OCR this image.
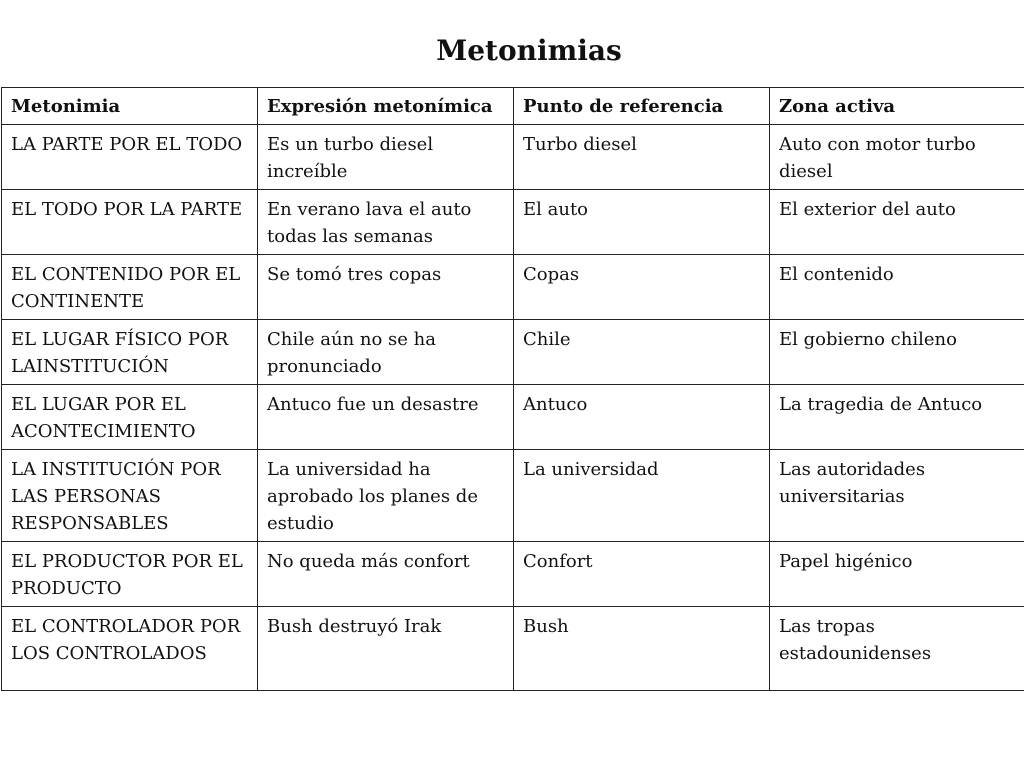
Metonimias
Metonimia	Expresión metonímica	Punto de referencia	Zona activa
LA PARTE POR EL TODO	Es un turbo diesel increíble	Turbo diesel	Auto con motor turbo diesel
EL TODO POR LA PARTE	En verano lava el auto todas las semanas	El auto	El exterior del auto
EL CONTENIDO POR EL CONTINENTE	Se tomó tres copas	Copas	El contenido
EL LUGAR FÍSICO POR LAINSTITUCIÓN	Chile aún no se ha pronunciado	Chile	El gobierno chileno
EL LUGAR POR EL ACONTECIMIENTO	Antuco fue un desastre	Antuco	La tragedia de Antuco
LA INSTITUCIÓN POR LAS PERSONAS RESPONSABLES	La universidad ha aprobado los planes de estudio	La universidad	Las autoridades universitarias
EL PRODUCTOR POR EL PRODUCTO	No queda más confort	Confort	Papel higénico
EL CONTROLADOR POR LOS CONTROLADOS	Bush destruyó Irak	Bush	Las tropas estadounidenses
